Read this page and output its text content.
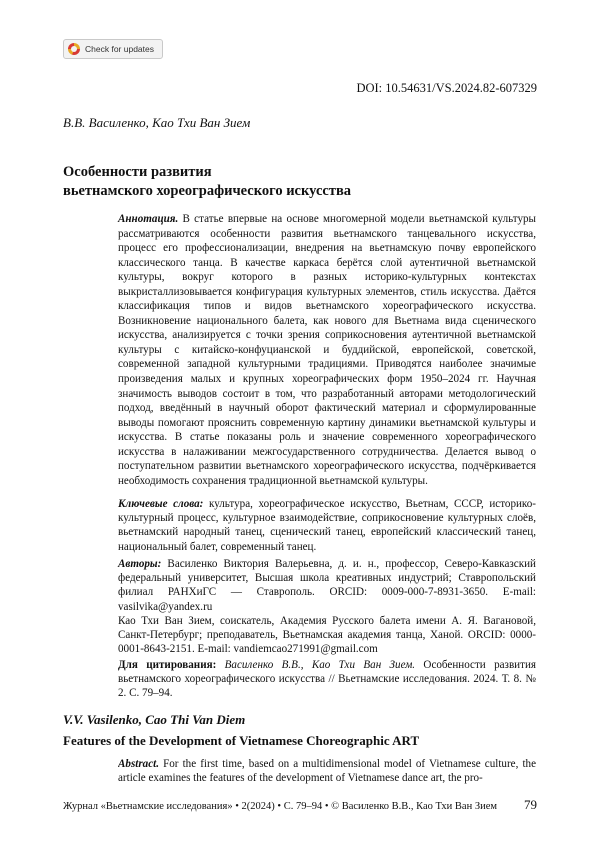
Check for updates
DOI: 10.54631/VS.2024.82-607329
В.В. Василенко, Као Тхи Ван Зием
Особенности развития
вьетнамского хореографического искусства
Аннотация. В статье впервые на основе многомерной модели вьетнамской культуры рассматриваются особенности развития вьетнамского танцевального искусства, процесс его профессионализации, внедрения на вьетнамскую почву европейского классического танца. В качестве каркаса берётся слой аутентичной вьетнамской культуры, вокруг которого в разных историко-культурных контекстах выкристаллизовывается конфигурация культурных элементов, стиль искусства. Даётся классификация типов и видов вьетнамского хореографического искусства. Возникновение национального балета, как нового для Вьетнама вида сценического искусства, анализируется с точки зрения соприкосновения аутентичной вьетнамской культуры с китайско-конфуцианской и буддийской, европейской, советской, современной западной культурными традициями. Приводятся наиболее значимые произведения малых и крупных хореографических форм 1950–2024 гг. Научная значимость выводов состоит в том, что разработанный авторами методологический подход, введённый в научный оборот фактический материал и сформулированные выводы помогают прояснить современную картину динамики вьетнамской культуры и искусства. В статье показаны роль и значение современного хореографического искусства в налаживании межгосударственного сотрудничества. Делается вывод о поступательном развитии вьетнамского хореографического искусства, подчёркивается необходимость сохранения традиционной вьетнамской культуры.
Ключевые слова: культура, хореографическое искусство, Вьетнам, СССР, историко-культурный процесс, культурное взаимодействие, соприкосновение культурных слоёв, вьетнамский народный танец, сценический танец, европейский классический танец, национальный балет, современный танец.
Авторы: Василенко Виктория Валерьевна, д. и. н., профессор, Северо-Кавказский федеральный университет, Высшая школа креативных индустрий; Ставропольский филиал РАНХиГС — Ставрополь. ORCID: 0009-000-7-8931-3650. E-mail: vasilvika@yandex.ru
Као Тхи Ван Зием, соискатель, Академия Русского балета имени А. Я. Вагановой, Санкт-Петербург; преподаватель, Вьетнамская академия танца, Ханой. ORCID: 0000-0001-8643-2151. E-mail: vandiemcao271991@gmail.com
Для цитирования: Василенко В.В., Као Тхи Ван Зием. Особенности развития вьетнамского хореографического искусства // Вьетнамские исследования. 2024. Т. 8. № 2. С. 79–94.
V.V. Vasilenko, Cao Thi Van Diem
Features of the Development of Vietnamese Choreographic ART
Abstract. For the first time, based on a multidimensional model of Vietnamese culture, the article examines the features of the development of Vietnamese dance art, the pro-
Журнал «Вьетнамские исследования» • 2(2024) • С. 79–94 • © Василенко В.В., Као Тхи Ван Зием 79
